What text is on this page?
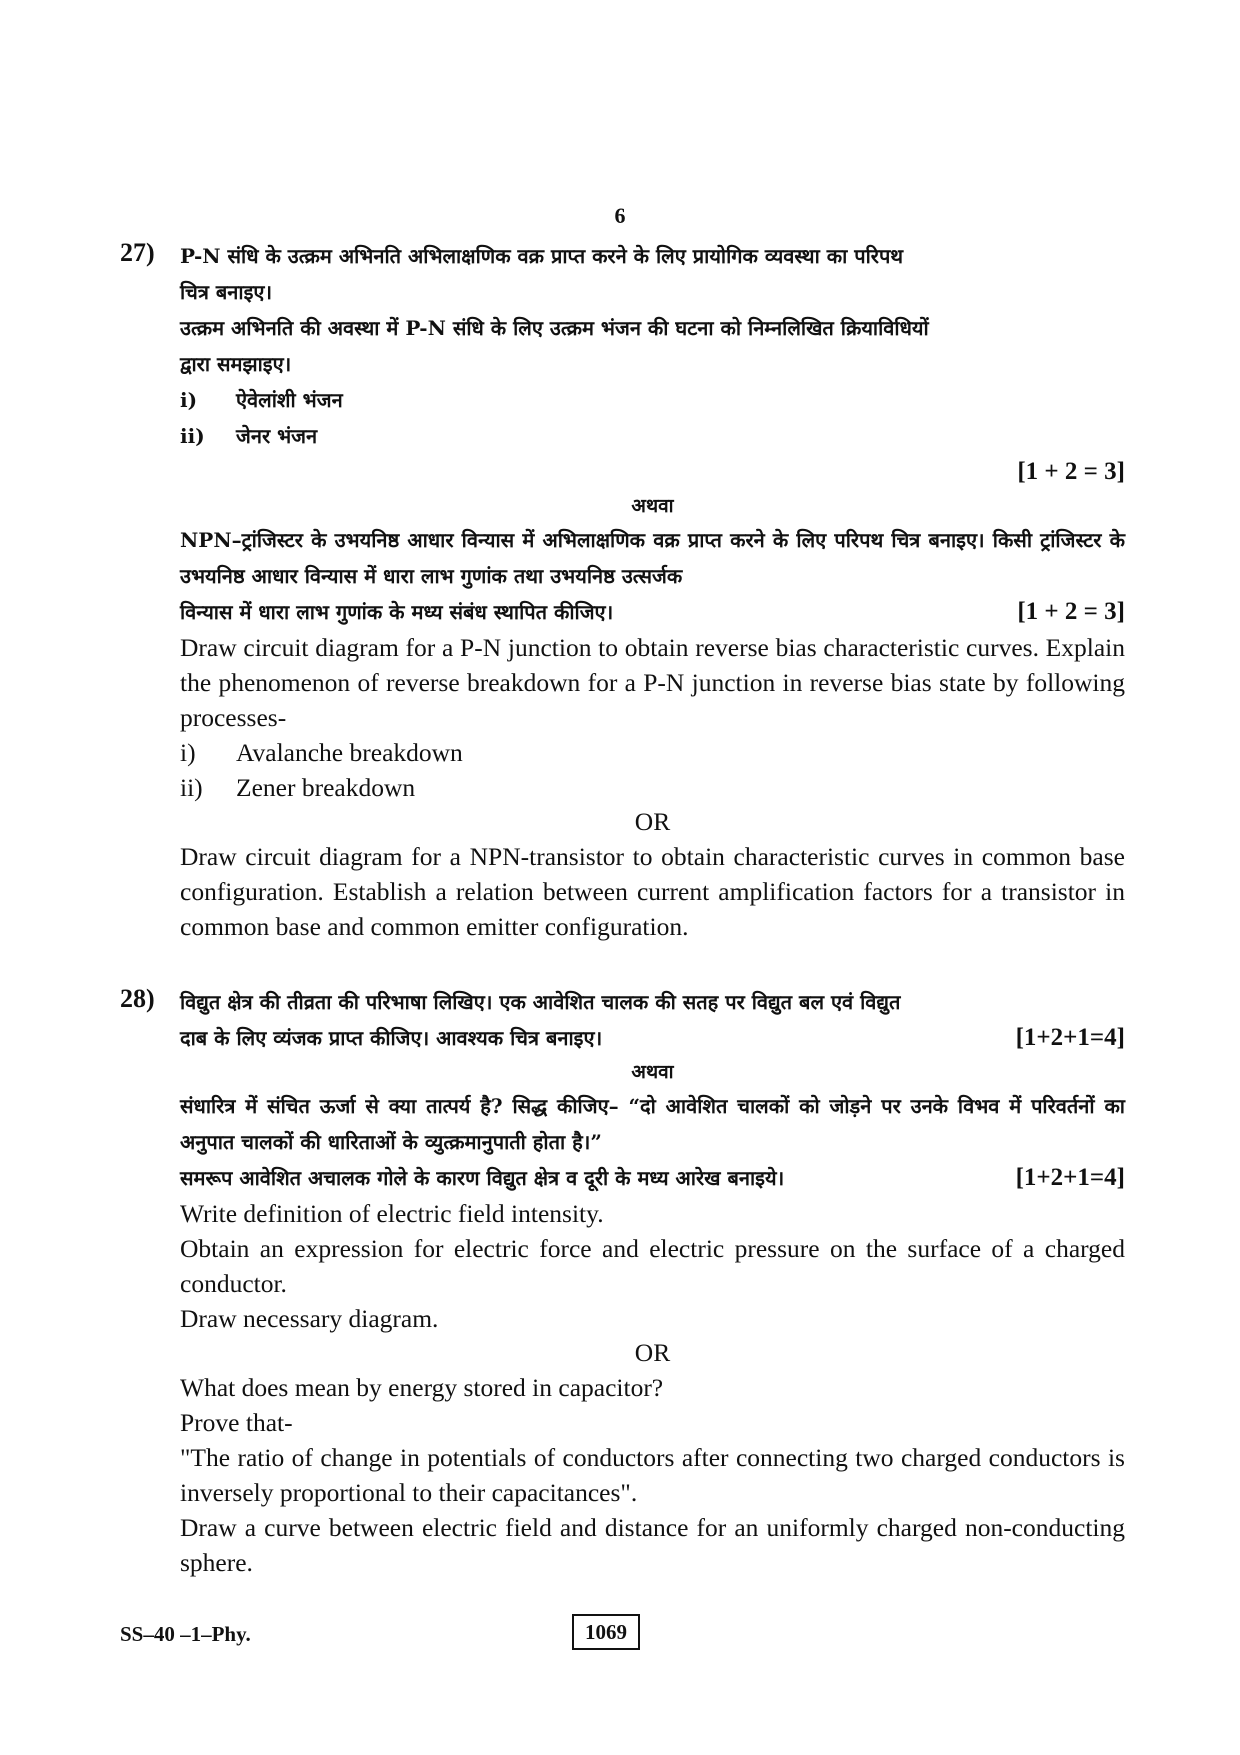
6
27) P-N संधि के उत्क्रम अभिनति अभिलाक्षणिक वक्र प्राप्त करने के लिए प्रायोगिक व्यवस्था का परिपथ
चित्र बनाइए।
उत्क्रम अभिनति की अवस्था में P-N संधि के लिए उत्क्रम भंजन की घटना को निम्नलिखित क्रियाविधियों
द्वारा समझाइए।
i)	ऐवेलांशी भंजन
ii)	जेनर भंजन
[1 + 2 = 3]
अथवा
NPN–ट्रांजिस्टर के उभयनिष्ठ आधार विन्यास में अभिलाक्षणिक वक्र प्राप्त करने के लिए परिपथ चित्र बनाइए। किसी ट्रांजिस्टर के उभयनिष्ठ आधार विन्यास में धारा लाभ गुणांक तथा उभयनिष्ठ उत्सर्जक
विन्यास में धारा लाभ गुणांक के मध्य संबंध स्थापित कीजिए।	[1 + 2 = 3]
Draw circuit diagram for a P-N junction to obtain reverse bias characteristic curves. Explain the phenomenon of reverse breakdown for a P-N junction in reverse bias state by following processes-
i)	Avalanche breakdown
ii)	Zener breakdown
OR
Draw circuit diagram for a NPN-transistor to obtain characteristic curves in common base configuration. Establish a relation between current amplification factors for a transistor in common base and common emitter configuration.
28) विद्युत क्षेत्र की तीव्रता की परिभाषा लिखिए। एक आवेशित चालक की सतह पर विद्युत बल एवं विद्युत
दाब के लिए व्यंजक प्राप्त कीजिए। आवश्यक चित्र बनाइए।	[1+2+1=4]
अथवा
संधारित्र में संचित ऊर्जा से क्या तात्पर्य है? सिद्ध कीजिए– “दो आवेशित चालकों को जोड़ने पर उनके विभव में परिवर्तनों का अनुपात चालकों की धारिताओं के व्युत्क्रमानुपाती होता है।”
समरूप आवेशित अचालक गोले के कारण विद्युत क्षेत्र व दूरी के मध्य आरेख बनाइये।	[1+2+1=4]
Write definition of electric field intensity.
Obtain an expression for electric force and electric pressure on the surface of a charged conductor.
Draw necessary diagram.
OR
What does mean by energy stored in capacitor?
Prove that-
"The ratio of change in potentials of conductors after connecting two charged conductors is inversely proportional to their capacitances".
Draw a curve between electric field and distance for an uniformly charged non-conducting sphere.
SS–40 –1–Phy.	1069
